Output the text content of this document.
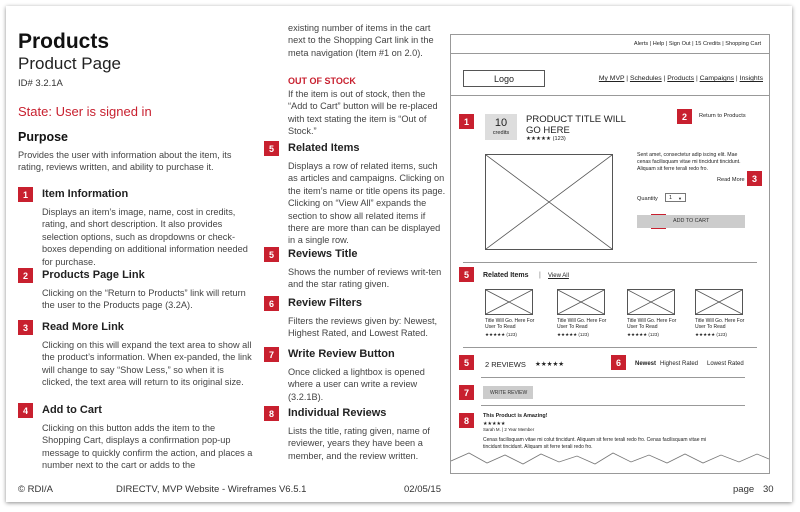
Products
Product Page
ID# 3.2.1A
State: User is signed in
Purpose
Provides the user with information about the item, its rating, reviews written, and ability to purchase it.
1	Item Information
Displays an item’s image, name, cost in credits, rating, and short description. It also provides selection options, such as dropdowns or check-boxes depending on additional information needed for purchase.
2	Products Page Link
Clicking on the “Return to Products” link will return the user to the Products page (3.2A).
3	Read More Link
Clicking on this will expand the text area to show all the product’s information. When ex-panded, the link will change to say “Show Less,” so when it is clicked, the text area will return to its original size.
4	Add to Cart
Clicking on this button adds the item to the Shopping Cart, displays a confirmation pop-up message to quickly confirm the action, and places a number next to the cart or adds to the
existing number of items in the cart next to the Shopping Cart link in the meta navigation (Item #1 on 2.0).
OUT OF STOCK
If the item is out of stock, then the “Add to Cart” button will be re-placed with text stating the item is “Out of Stock.”
5	Related Items
Displays a row of related items, such as articles and campaigns. Clicking on the item’s name or title opens its page. Clicking on “View All” expands the section to show all related items if there are more than can be displayed in a single row.
5	Reviews Title
Shows the number of reviews writ-ten and the star rating given.
6	Review Filters
Filters the reviews given by: Newest, Highest Rated, and Lowest Rated.
7	Write Review Button
Once clicked a lightbox is opened where a user can write a review (3.2.1B).
8	Individual Reviews
Lists the title, rating given, name of reviewer, years they have been a member, and the review written.
Alerts | Help | Sign Out | 15 Credits | Shopping Cart
Logo	My MVP | Schedules | Products | Campaigns | Insights
1	2
3
10
credits
PRODUCT TITLE WILL
GO HERE
★★★★★ (123)
Return to Products
Sent amet, consectetur adip iscing elit. Mae
cenas facilisquam vitae mi tincidunt tincidunt.
Aliquam sit ferre terali redo fro.
Read More
Quantity	1 ▼
ADD TO CART
5	Related Items | View All
Title Will Go. Here For
User To Read
★★★★★ (123)
Title Will Go. Here For
User To Read
★★★★★ (123)
Title Will Go. Here For
User To Read
★★★★★ (123)
Title Will Go. Here For
User To Read
★★★★★ (123)
5	2 REVIEWS ★★★★★	6	Newest Highest Rated Lowest Rated
7	WRITE REVIEW
8	This Product is Amazing!
★★★★★
Sarah M. | 2 Year Member
Cenas facilisquam vitae mi colut tincidunt. Aliquam sit ferre terali redo fro. Cenas facilisquam vitae mi
tincidunt tincidunt. Aliquam sit ferre terali redo fro.
© RDI/A	DIRECTV, MVP Website - Wireframes V6.5.1	02/05/15	page 30
